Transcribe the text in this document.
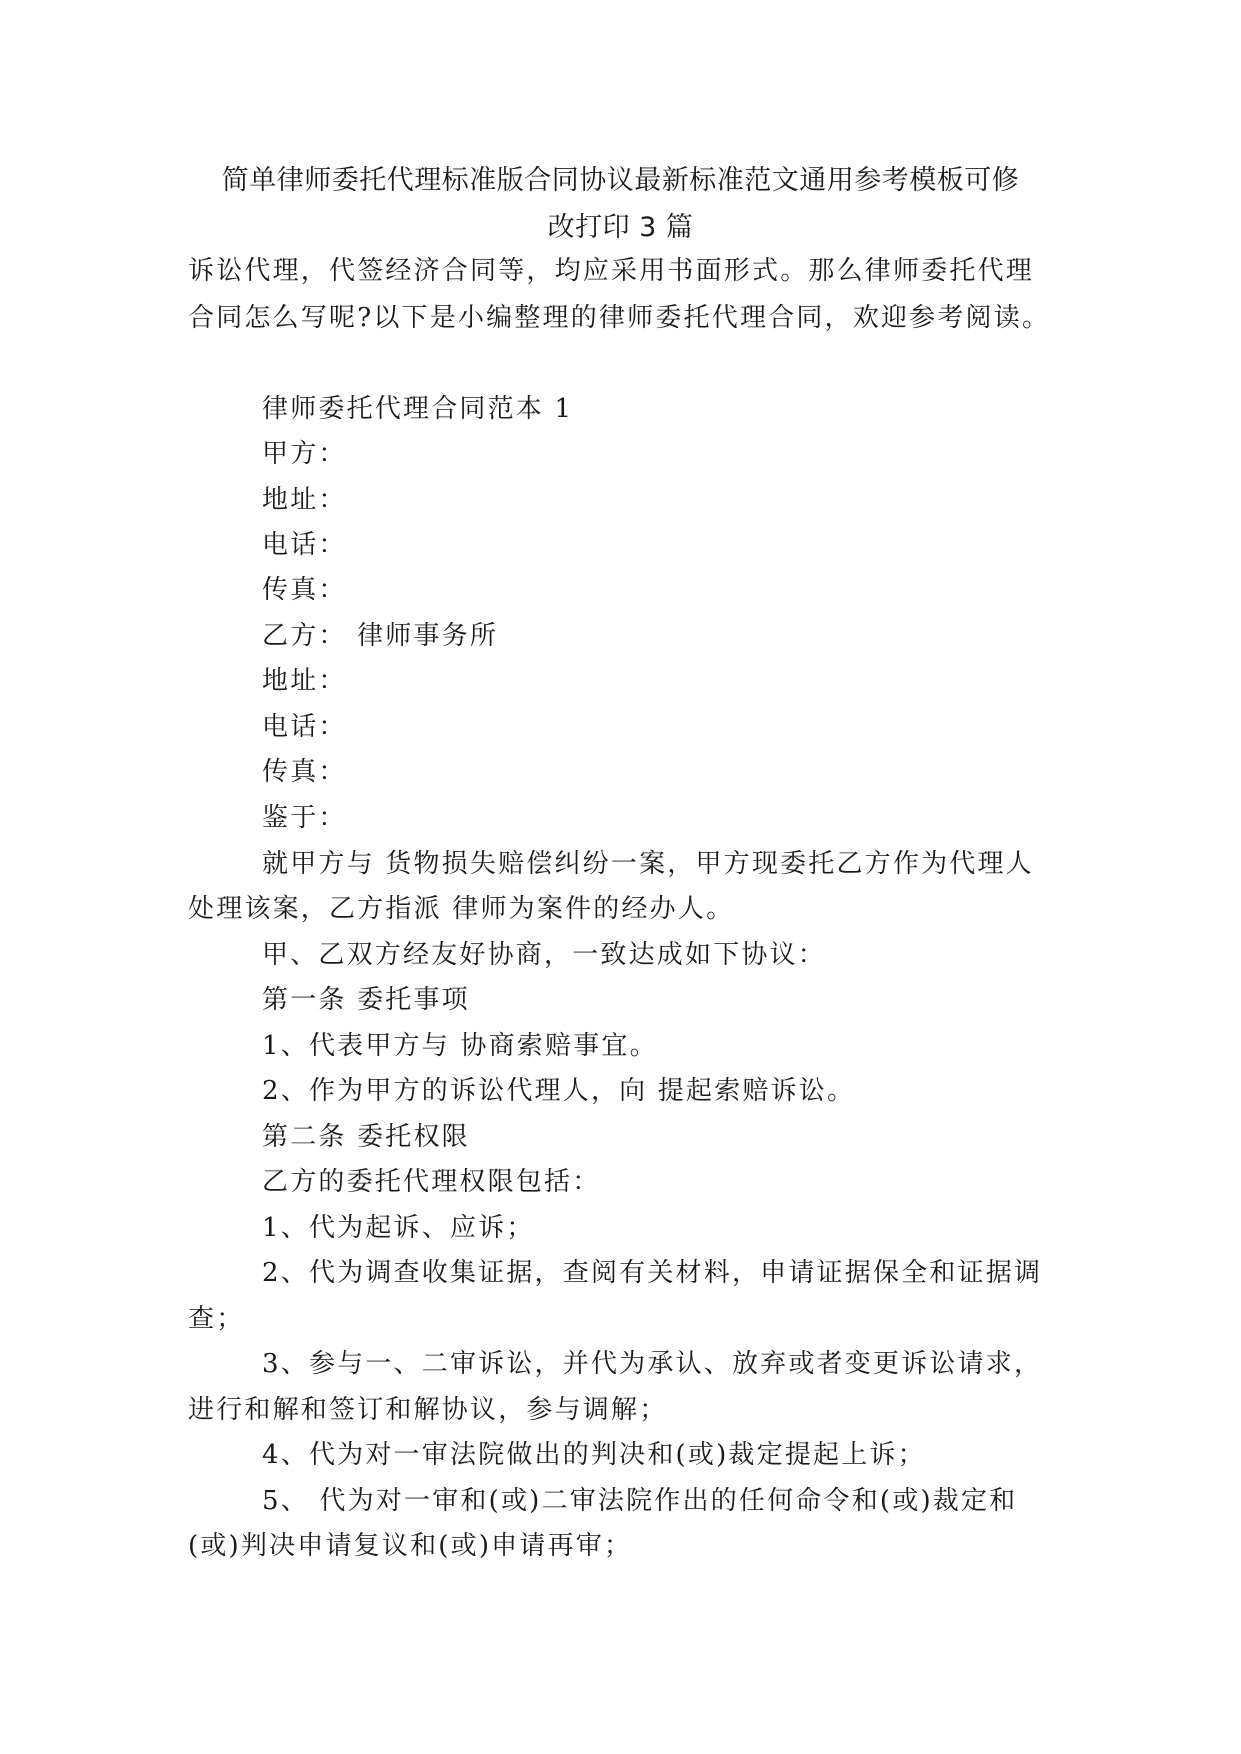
简单律师委托代理标准版合同协议最新标准范文通用参考模板可修
改打印 3 篇

诉讼代理，代签经济合同等，均应采用书面形式。那么律师委托代理

合同怎么写呢?以下是小编整理的律师委托代理合同，欢迎参考阅读。

律师委托代理合同范本 1

甲方：

地址：

电话：

传真：

乙方： 律师事务所

地址：

电话：

传真：

鉴于：

就甲方与 货物损失赔偿纠纷一案，甲方现委托乙方作为代理人

处理该案，乙方指派 律师为案件的经办人。

甲、乙双方经友好协商，一致达成如下协议：

第一条 委托事项

1、代表甲方与 协商索赔事宜。

2、作为甲方的诉讼代理人，向 提起索赔诉讼。

第二条 委托权限

乙方的委托代理权限包括：

1、代为起诉、应诉；

2、代为调查收集证据，查阅有关材料，申请证据保全和证据调

查；

3、参与一、二审诉讼，并代为承认、放弃或者变更诉讼请求，

进行和解和签订和解协议，参与调解；

4、代为对一审法院做出的判决和(或)裁定提起上诉；

5、 代为对一审和(或)二审法院作出的任何命令和(或)裁定和

(或)判决申请复议和(或)申请再审；
